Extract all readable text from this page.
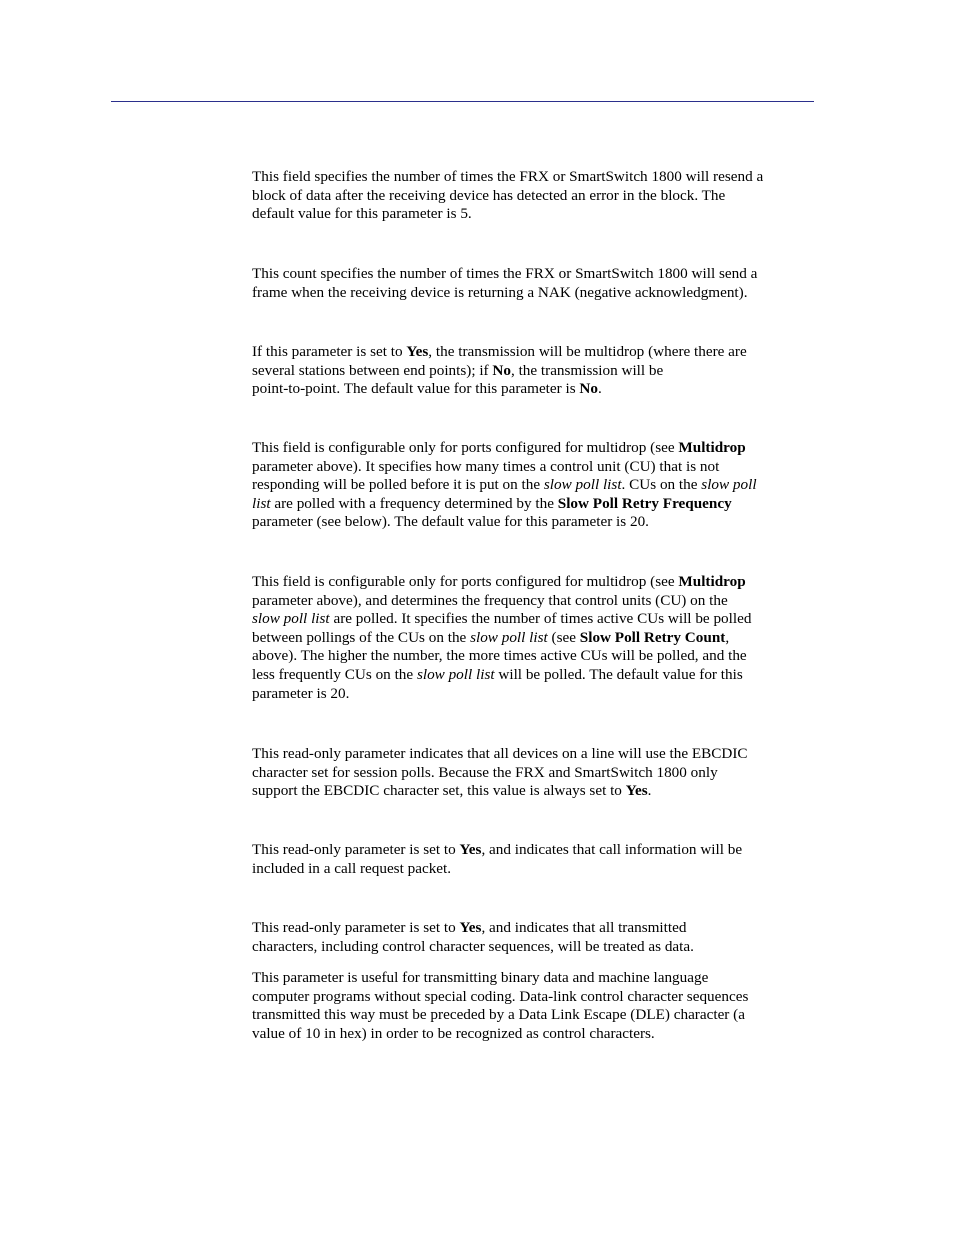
This field specifies the number of times the FRX or SmartSwitch 1800 will resend a
block of data after the receiving device has detected an error in the block. The
default value for this parameter is 5.

This count specifies the number of times the FRX or SmartSwitch 1800 will send a
frame when the receiving device is returning a NAK (negative acknowledgment).

If this parameter is set to Yes, the transmission will be multidrop (where there are
several stations between end points); if No, the transmission will be
point-to-point. The default value for this parameter is No.

This field is configurable only for ports configured for multidrop (see Multidrop
parameter above). It specifies how many times a control unit (CU) that is not
responding will be polled before it is put on the slow poll list. CUs on the slow poll
list are polled with a frequency determined by the Slow Poll Retry Frequency
parameter (see below). The default value for this parameter is 20.

This field is configurable only for ports configured for multidrop (see Multidrop
parameter above), and determines the frequency that control units (CU) on the
slow poll list are polled. It specifies the number of times active CUs will be polled
between pollings of the CUs on the slow poll list (see Slow Poll Retry Count,
above). The higher the number, the more times active CUs will be polled, and the
less frequently CUs on the slow poll list will be polled. The default value for this
parameter is 20.

This read-only parameter indicates that all devices on a line will use the EBCDIC
character set for session polls. Because the FRX and SmartSwitch 1800 only
support the EBCDIC character set, this value is always set to Yes.

This read-only parameter is set to Yes, and indicates that call information will be
included in a call request packet.

This read-only parameter is set to Yes, and indicates that all transmitted
characters, including control character sequences, will be treated as data.

This parameter is useful for transmitting binary data and machine language
computer programs without special coding. Data-link control character sequences
transmitted this way must be preceded by a Data Link Escape (DLE) character (a
value of 10 in hex) in order to be recognized as control characters.
